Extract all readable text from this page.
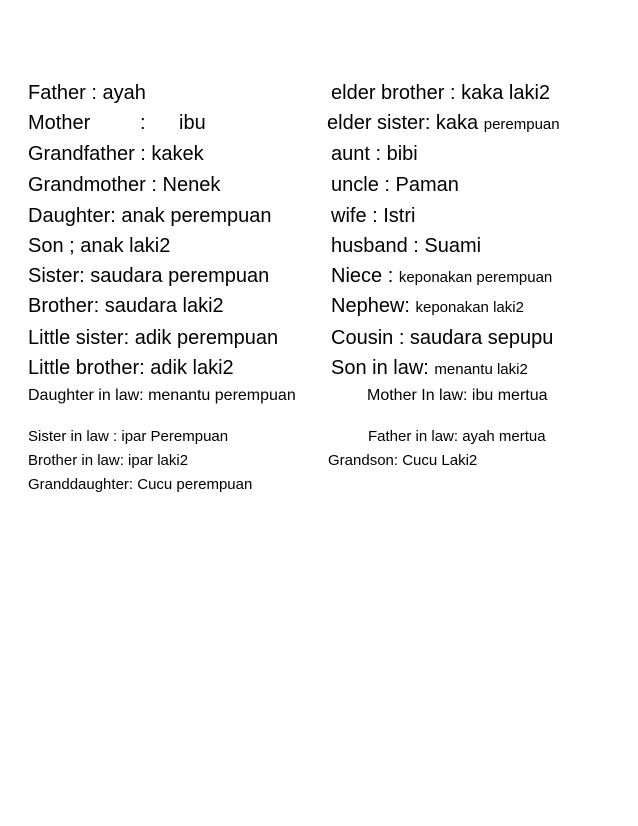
Father : ayah	elder brother : kaka laki2
Mother : ibu	elder sister: kaka perempuan
Grandfather : kakek	aunt : bibi
Grandmother : Nenek	uncle : Paman
Daughter: anak perempuan	wife : Istri
Son ; anak laki2	husband : Suami
Sister: saudara perempuan	Niece : keponakan perempuan
Brother: saudara laki2	Nephew: keponakan laki2
Little sister: adik perempuan	Cousin : saudara sepupu
Little brother: adik laki2	Son in law: menantu laki2
Daughter in law: menantu perempuan	Mother In law: ibu mertua
Sister in law : ipar Perempuan	Father in law: ayah mertua
Brother in law: ipar laki2	Grandson: Cucu Laki2
Granddaughter: Cucu perempuan
